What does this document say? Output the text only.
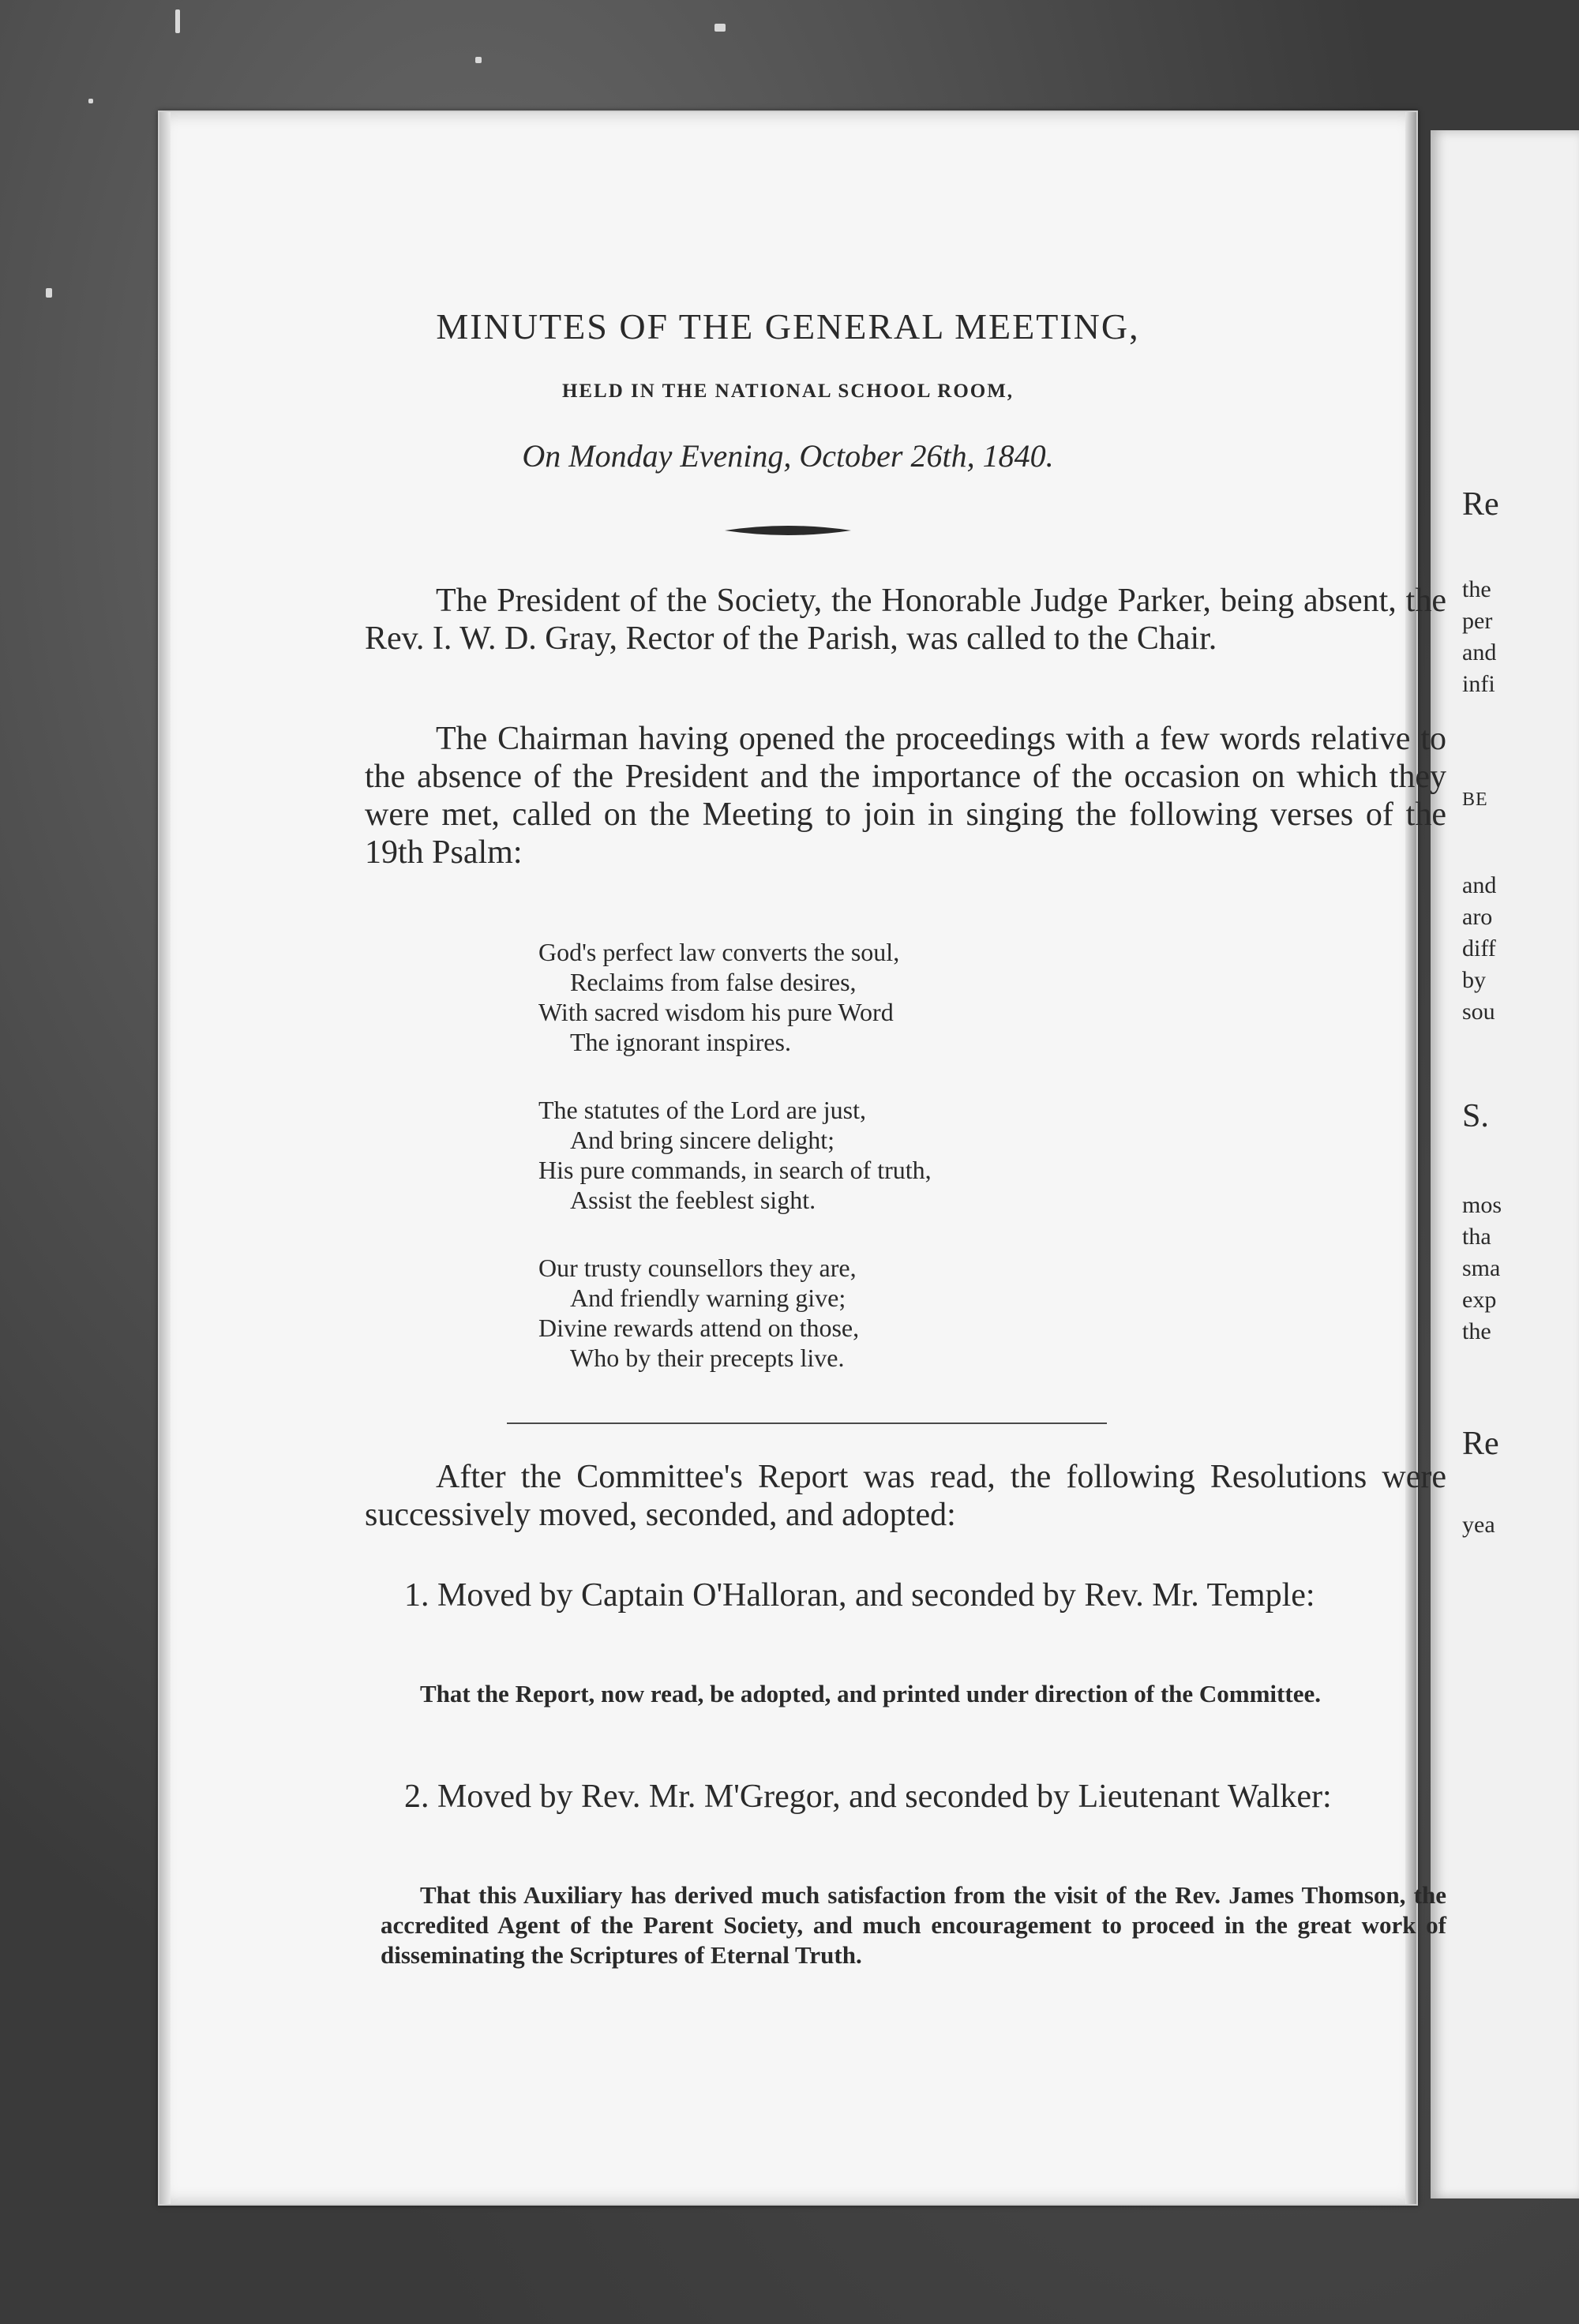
Re
the
per
and
infi
BE
and
aro
diff
by
sou
S.
mos
tha
sma
exp
the
Re
yea
MINUTES OF THE GENERAL MEETING,
HELD IN THE NATIONAL SCHOOL ROOM,
On Monday Evening, October 26th, 1840.

The President of the Society, the Honorable Judge Parker, being absent, the Rev. I. W. D. Gray, Rector of the Parish, was called to the Chair.

The Chairman having opened the proceedings with a few words relative to the absence of the President and the importance of the occasion on which they were met, called on the Meeting to join in singing the following verses of the 19th Psalm:

God's perfect law converts the soul,
Reclaims from false desires,
With sacred wisdom his pure Word
The ignorant inspires.
The statutes of the Lord are just,
And bring sincere delight;
His pure commands, in search of truth,
Assist the feeblest sight.
Our trusty counsellors they are,
And friendly warning give;
Divine rewards attend on those,
Who by their precepts live.

After the Committee's Report was read, the following Resolutions were successively moved, seconded, and adopted:

1. Moved by Captain O'Halloran, and seconded by Rev. Mr. Temple:

That the Report, now read, be adopted, and printed under direction of the Committee.

2. Moved by Rev. Mr. M'Gregor, and seconded by Lieutenant Walker:

That this Auxiliary has derived much satisfaction from the visit of the Rev. James Thomson, the accredited Agent of the Parent Society, and much encouragement to proceed in the great work of disseminating the Scriptures of Eternal Truth.
